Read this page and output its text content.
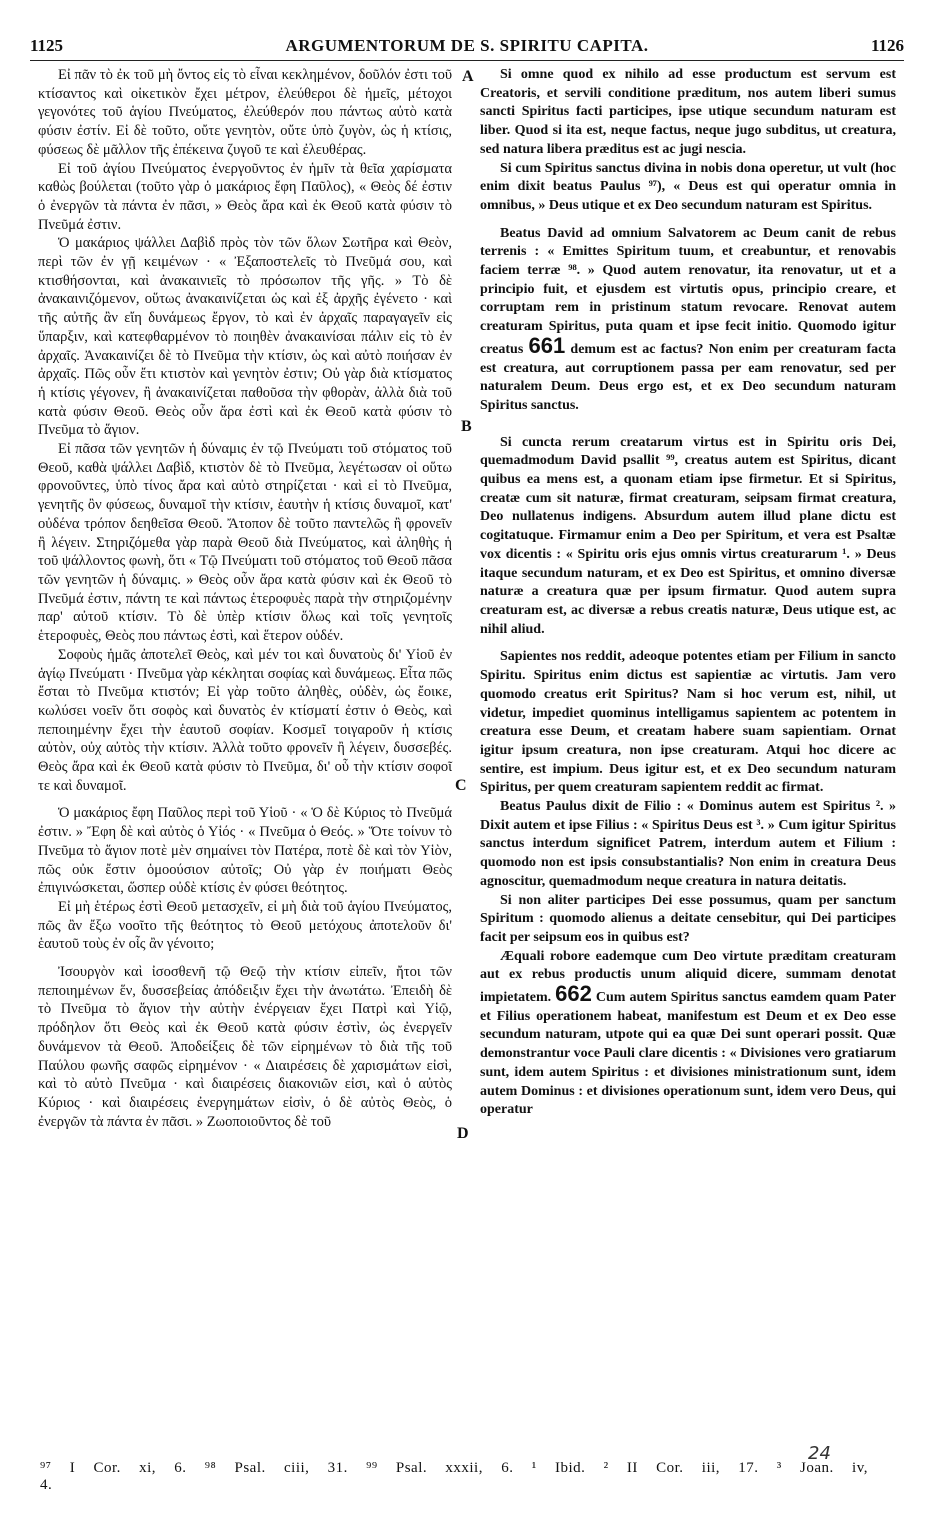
1125	ARGUMENTORUM DE S. SPIRITU CAPITA.	1126

Εἰ πᾶν τὸ ἐκ τοῦ μὴ ὄντος εἰς τὸ εἶναι κεκλημένον, δοῦλόν ἐστι τοῦ κτίσαντος καὶ οἰκετικὸν ἔχει μέτρον, ἐλεύθεροι δὲ ἡμεῖς, μέτοχοι γεγονότες τοῦ ἁγίου Πνεύματος, ἐλεύθερόν που πάντως αὐτὸ κατὰ φύσιν ἐστίν. Εἰ δὲ τοῦτο, οὔτε γενητὸν, οὔτε ὑπὸ ζυγὸν, ὡς ἡ κτίσις, φύσεως δὲ μᾶλλον τῆς ἐπέκεινα ζυγοῦ τε καὶ ἐλευθέρας.

Εἰ τοῦ ἁγίου Πνεύματος ἐνεργοῦντος ἐν ἡμῖν τὰ θεῖα χαρίσματα καθὼς βούλεται (τοῦτο γὰρ ὁ μακάριος ἔφη Παῦλος), « Θεὸς δέ ἐστιν ὁ ἐνεργῶν τὰ πάντα ἐν πᾶσι, » Θεὸς ἄρα καὶ ἐκ Θεοῦ κατὰ φύσιν τὸ Πνεῦμά ἐστιν.

Ὁ μακάριος ψάλλει Δαβὶδ πρὸς τὸν τῶν ὅλων Σωτῆρα καὶ Θεὸν, περὶ τῶν ἐν γῇ κειμένων · « Ἐξαποστελεῖς τὸ Πνεῦμά σου, καὶ κτισθήσονται, καὶ ἀνακαινιεῖς τὸ πρόσωπον τῆς γῆς. » Τὸ δὲ ἀνακαινιζόμενον, οὕτως ἀνακαινίζεται ὡς καὶ ἐξ ἀρχῆς ἐγένετο · καὶ τῆς αὐτῆς ἂν εἴη δυνάμεως ἔργον, τὸ καὶ ἐν ἀρχαῖς παραγαγεῖν εἰς ὕπαρξιν, καὶ κατεφθαρμένον τὸ ποιηθὲν ἀνακαινίσαι πάλιν εἰς τὸ ἐν ἀρχαῖς. Ἀνακαινίζει δὲ τὸ Πνεῦμα τὴν κτίσιν, ὡς καὶ αὐτὸ ποιήσαν ἐν ἀρχαῖς. Πῶς οὖν ἔτι κτιστὸν καὶ γενητὸν ἐστιν; Οὐ γὰρ διὰ κτίσματος ἡ κτίσις γέγονεν, ἢ ἀνακαινίζεται παθοῦσα τὴν φθορὰν, ἀλλὰ διὰ τοῦ κατὰ φύσιν Θεοῦ. Θεὸς οὖν ἄρα ἐστὶ καὶ ἐκ Θεοῦ κατὰ φύσιν τὸ Πνεῦμα τὸ ἅγιον.

Εἰ πᾶσα τῶν γενητῶν ἡ δύναμις ἐν τῷ Πνεύματι τοῦ στόματος τοῦ Θεοῦ, καθὰ ψάλλει Δαβὶδ, κτιστὸν δὲ τὸ Πνεῦμα, λεγέτωσαν οἱ οὕτω φρονοῦντες, ὑπὸ τίνος ἄρα καὶ αὐτὸ στηρίζεται · καὶ εἰ τὸ Πνεῦμα, γενητῆς ὂν φύσεως, δυναμοῖ τὴν κτίσιν, ἑαυτὴν ἡ κτίσις δυναμοῖ, κατ' οὐδένα τρόπον δεηθεῖσα Θεοῦ. Ἄτοπον δὲ τοῦτο παντελῶς ἢ φρονεῖν ἢ λέγειν. Στηριζόμεθα γὰρ παρὰ Θεοῦ διὰ Πνεύματος, καὶ ἀληθὴς ἡ τοῦ ψάλλοντος φωνὴ, ὅτι « Τῷ Πνεύματι τοῦ στόματος τοῦ Θεοῦ πᾶσα τῶν γενητῶν ἡ δύναμις. » Θεὸς οὖν ἄρα κατὰ φύσιν καὶ ἐκ Θεοῦ τὸ Πνεῦμά ἐστιν, πάντη τε καὶ πάντως ἑτεροφυὲς παρὰ τὴν στηριζομένην παρ' αὐτοῦ κτίσιν. Τὸ δὲ ὑπὲρ κτίσιν ὅλως καὶ τοῖς γενητοῖς ἑτεροφυὲς, Θεὸς που πάντως ἐστὶ, καὶ ἕτερον οὐδέν.

Σοφοὺς ἡμᾶς ἀποτελεῖ Θεὸς, καὶ μέν τοι καὶ δυνατοὺς δι' Υἱοῦ ἐν ἁγίῳ Πνεύματι · Πνεῦμα γὰρ κέκληται σοφίας καὶ δυνάμεως. Εἶτα πῶς ἔσται τὸ Πνεῦμα κτιστόν; Εἰ γὰρ τοῦτο ἀληθὲς, οὐδὲν, ὡς ἔοικε, κωλύσει νοεῖν ὅτι σοφὸς καὶ δυνατὸς ἐν κτίσματί ἐστιν ὁ Θεὸς, καὶ πεποιημένην ἔχει τὴν ἑαυτοῦ σοφίαν. Κοσμεῖ τοιγαροῦν ἡ κτίσις αὐτὸν, οὐχ αὐτὸς τὴν κτίσιν. Ἀλλὰ τοῦτο φρονεῖν ἢ λέγειν, δυσσεβές. Θεὸς ἄρα καὶ ἐκ Θεοῦ κατὰ φύσιν τὸ Πνεῦμα, δι' οὗ τὴν κτίσιν σοφοῖ τε καὶ δυναμοῖ.

Ὁ μακάριος ἔφη Παῦλος περὶ τοῦ Υἱοῦ · « Ὁ δὲ Κύριος τὸ Πνεῦμά ἐστιν. » Ἔφη δὲ καὶ αὐτὸς ὁ Υἱός · « Πνεῦμα ὁ Θεός. » Ὅτε τοίνυν τὸ Πνεῦμα τὸ ἅγιον ποτὲ μὲν σημαίνει τὸν Πατέρα, ποτὲ δὲ καὶ τὸν Υἱὸν, πῶς οὐκ ἔστιν ὁμοούσιον αὐτοῖς; Οὐ γὰρ ἐν ποιήματι Θεὸς ἐπιγινώσκεται, ὥσπερ οὐδὲ κτίσις ἐν φύσει θεότητος.

Εἰ μὴ ἑτέρως ἐστὶ Θεοῦ μετασχεῖν, εἰ μὴ διὰ τοῦ ἁγίου Πνεύματος, πῶς ἂν ἔξω νοοῖτο τῆς θεότητος τὸ Θεοῦ μετόχους ἀποτελοῦν δι' ἑαυτοῦ τοὺς ἐν οἷς ἂν γένοιτο;

Ἰσουργὸν καὶ ἰσοσθενῆ τῷ Θεῷ τὴν κτίσιν εἰπεῖν, ἤτοι τῶν πεποιημένων ἕν, δυσσεβείας ἀπόδειξιν ἔχει τὴν ἀνωτάτω. Ἐπειδὴ δὲ τὸ Πνεῦμα τὸ ἅγιον τὴν αὐτὴν ἐνέργειαν ἔχει Πατρὶ καὶ Υἱῷ, πρόδηλον ὅτι Θεὸς καὶ ἐκ Θεοῦ κατὰ φύσιν ἐστὶν, ὡς ἐνεργεῖν δυνάμενον τὰ Θεοῦ. Ἀποδείξεις δὲ τῶν εἰρημένων τὸ διὰ τῆς τοῦ Παύλου φωνῆς σαφῶς εἰρημένον · « Διαιρέσεις δὲ χαρισμάτων εἰσὶ, καὶ τὸ αὐτὸ Πνεῦμα · καὶ διαιρέσεις διακονιῶν εἰσι, καὶ ὁ αὐτὸς Κύριος · καὶ διαιρέσεις ἐνεργημάτων εἰσὶν, ὁ δὲ αὐτὸς Θεὸς, ὁ ἐνεργῶν τὰ πάντα ἐν πᾶσι. » Ζωοποιοῦντος δὲ τοῦ

A
B
C
D

Si omne quod ex nihilo ad esse productum est servum est Creatoris, et servili conditione præditum, nos autem liberi sumus sancti Spiritus facti participes, ipse utique secundum naturam est liber. Quod si ita est, neque factus, neque jugo subditus, ut creatura, sed natura libera præditus est ac jugi nescia.

Si cum Spiritus sanctus divina in nobis dona operetur, ut vult (hoc enim dixit beatus Paulus ⁹⁷), « Deus est qui operatur omnia in omnibus, » Deus utique et ex Deo secundum naturam est Spiritus.

Beatus David ad omnium Salvatorem ac Deum canit de rebus terrenis : « Emittes Spiritum tuum, et creabuntur, et renovabis faciem terræ ⁹⁸. » Quod autem renovatur, ita renovatur, ut et a principio fuit, et ejusdem est virtutis opus, principio creare, et corruptam rem in pristinum statum revocare. Renovat autem creaturam Spiritus, puta quam et ipse fecit initio. Quomodo igitur creatus 661 demum est ac factus? Non enim per creaturam facta est creatura, aut corruptionem passa per eam renovatur, sed per naturalem Deum. Deus ergo est, et ex Deo secundum naturam Spiritus sanctus.

Si cuncta rerum creatarum virtus est in Spiritu oris Dei, quemadmodum David psallit ⁹⁹, creatus autem est Spiritus, dicant quibus ea mens est, a quonam etiam ipse firmetur. Et si Spiritus, creatæ cum sit naturæ, firmat creaturam, seipsam firmat creatura, Deo nullatenus indigens. Absurdum autem illud plane dictu est cogitatuque. Firmamur enim a Deo per Spiritum, et vera est Psaltæ vox dicentis : « Spiritu oris ejus omnis virtus creaturarum ¹. » Deus itaque secundum naturam, et ex Deo est Spiritus, et omnino diversæ naturæ a creatura quæ per ipsum firmatur. Quod autem supra creaturam est, ac diversæ a rebus creatis naturæ, Deus utique est, ac nihil aliud.

Sapientes nos reddit, adeoque potentes etiam per Filium in sancto Spiritu. Spiritus enim dictus est sapientiæ ac virtutis. Jam vero quomodo creatus erit Spiritus? Nam si hoc verum est, nihil, ut videtur, impediet quominus intelligamus sapientem ac potentem in creatura esse Deum, et creatam habere suam sapientiam. Ornat igitur ipsum creatura, non ipse creaturam. Atqui hoc dicere ac sentire, est impium. Deus igitur est, et ex Deo secundum naturam Spiritus, per quem creaturam sapientem reddit ac firmat.

Beatus Paulus dixit de Filio : « Dominus autem est Spiritus ². » Dixit autem et ipse Filius : « Spiritus Deus est ³. » Cum igitur Spiritus sanctus interdum significet Patrem, interdum autem et Filium : quomodo non est ipsis consubstantialis? Non enim in creatura Deus agnoscitur, quemadmodum neque creatura in natura deitatis.

Si non aliter participes Dei esse possumus, quam per sanctum Spiritum : quomodo alienus a deitate censebitur, qui Dei participes facit per seipsum eos in quibus est?

Æquali robore eademque cum Deo virtute præditam creaturam aut ex rebus productis unum aliquid dicere, summam denotat impietatem. 662 Cum autem Spiritus sanctus eamdem quam Pater et Filius operationem habeat, manifestum est Deum et ex Deo esse secundum naturam, utpote qui ea quæ Dei sunt operari possit. Quæ demonstrantur voce Pauli clare dicentis : « Divisiones vero gratiarum sunt, idem autem Spiritus : et divisiones ministrationum sunt, idem autem Dominus : et divisiones operationum sunt, idem vero Deus, qui operatur

⁹⁷ I Cor. xi, 6. ⁹⁸ Psal. ciii, 31. ⁹⁹ Psal. xxxii, 6. ¹ Ibid. ² II Cor. iii, 17. ³ Joan. iv, 4.
24
